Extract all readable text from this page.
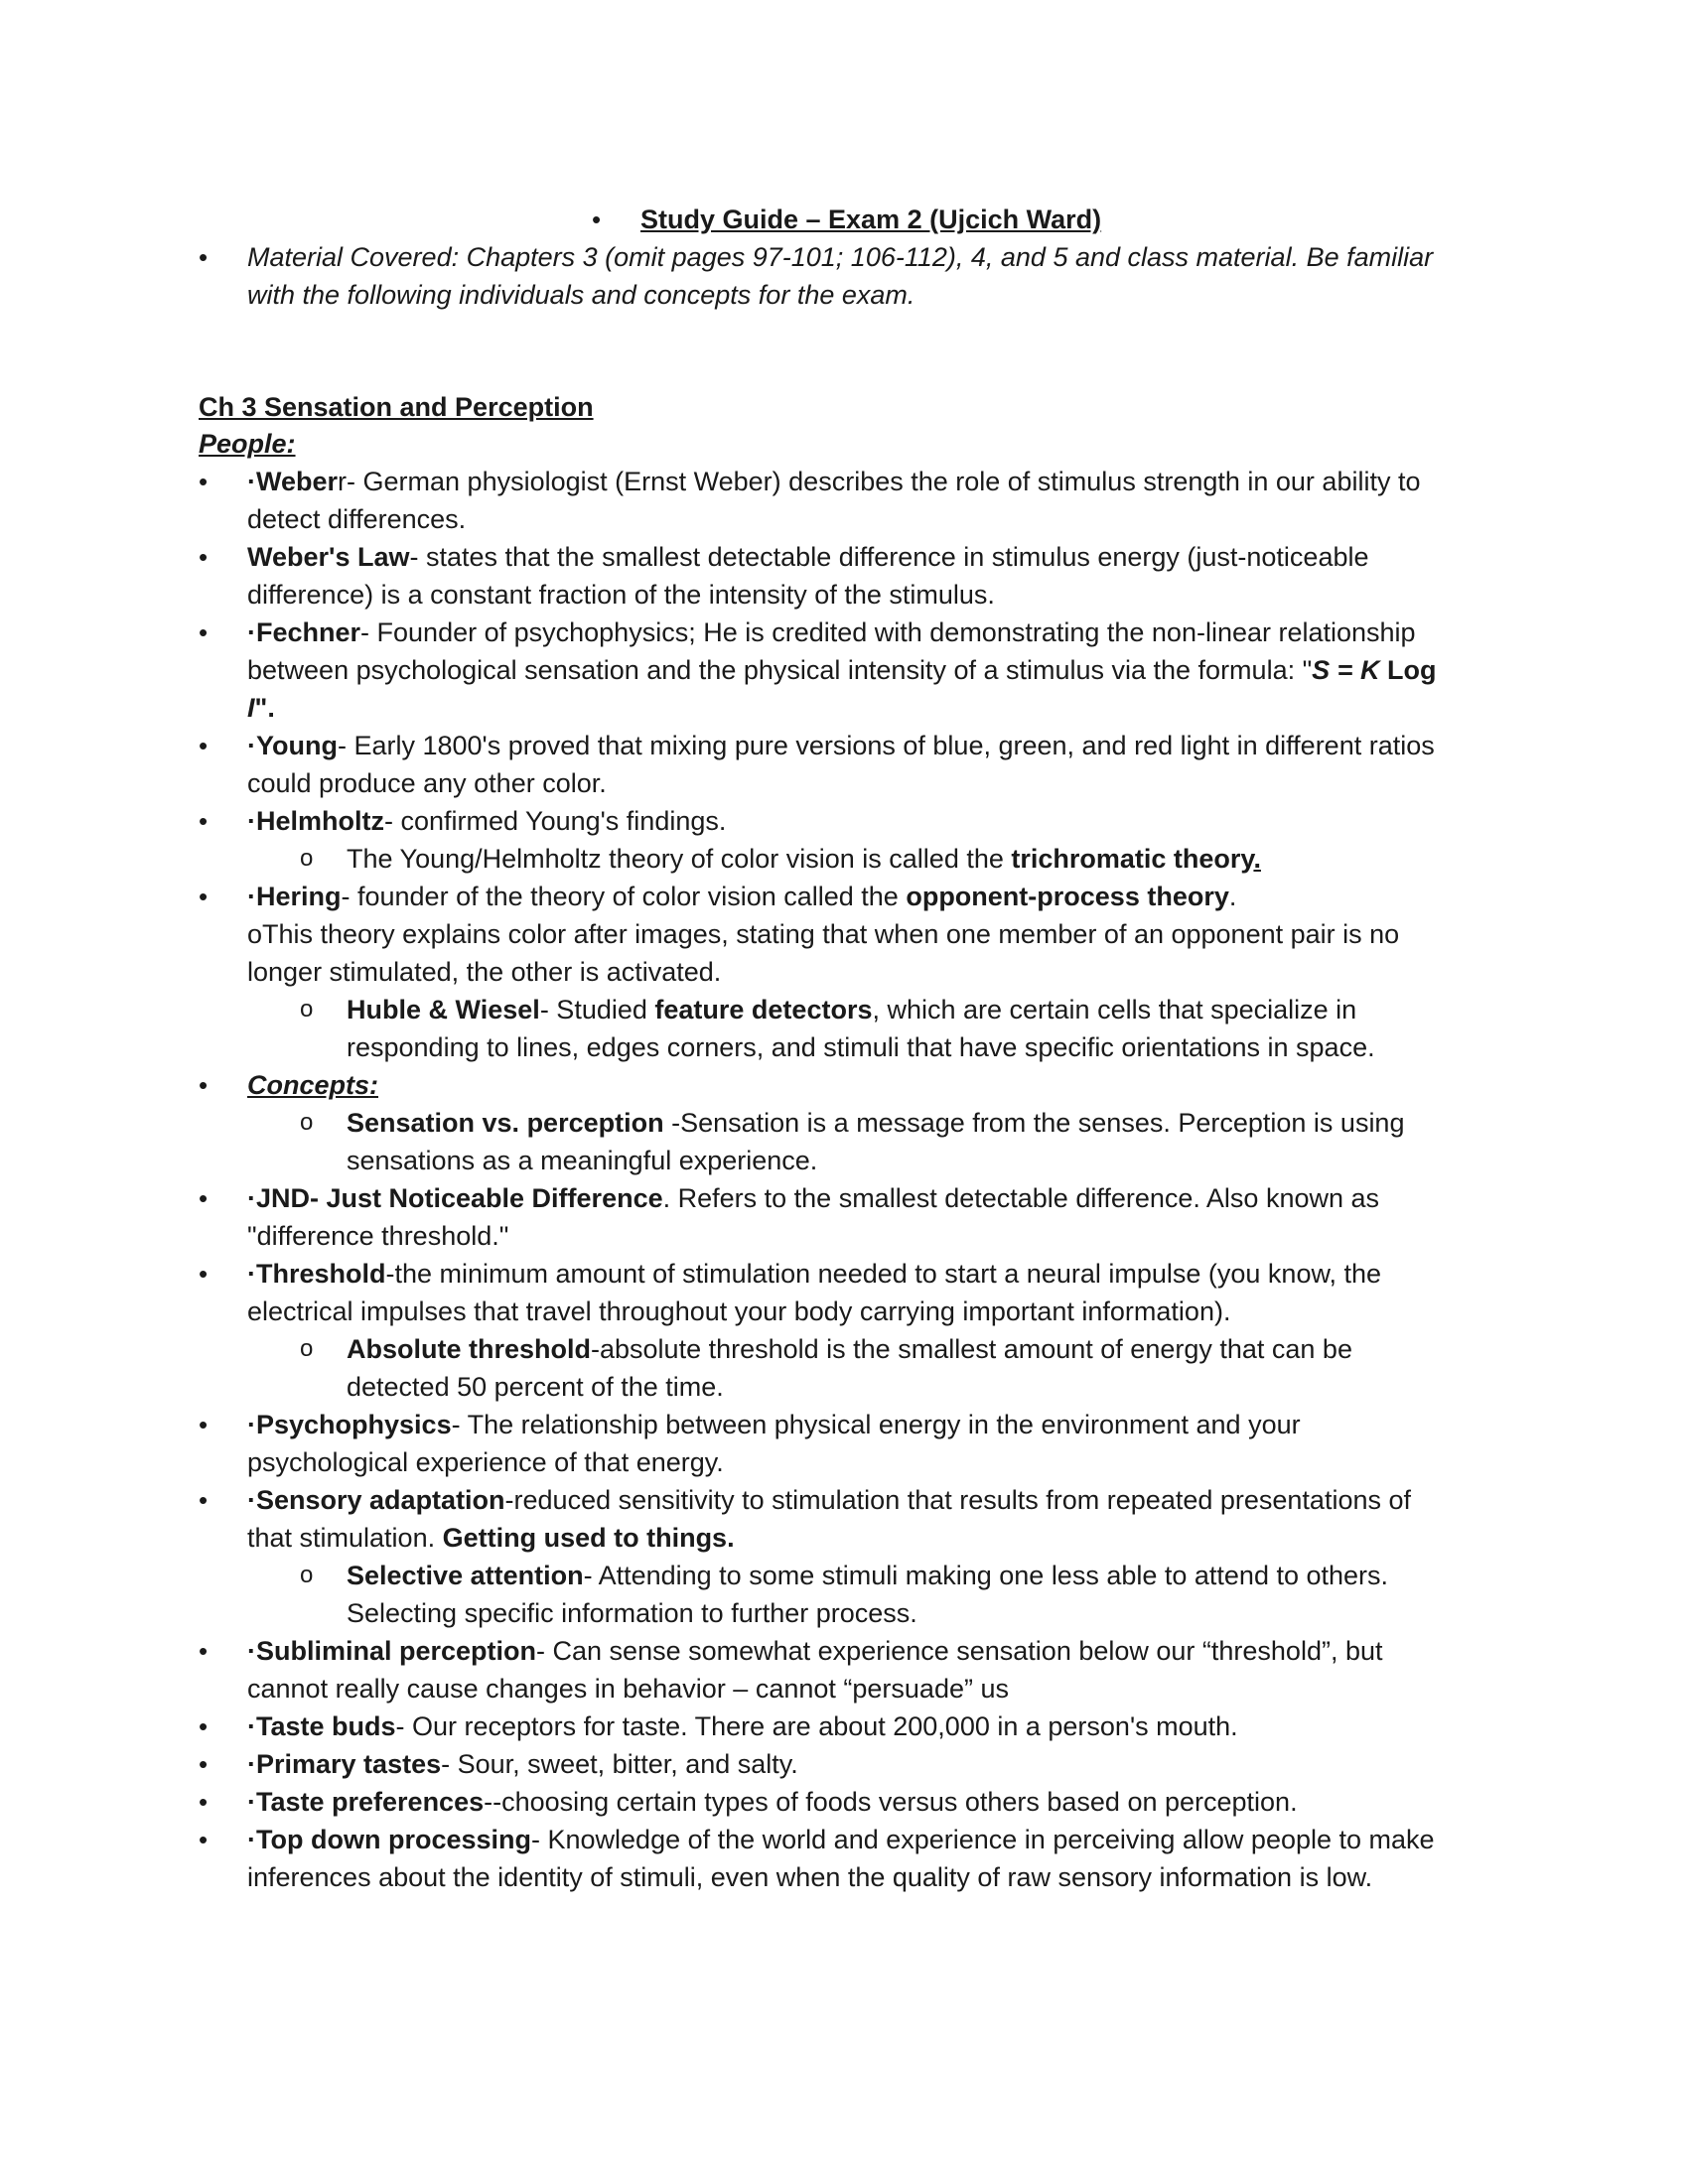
• Study Guide – Exam 2 (Ujcich Ward)
• Material Covered: Chapters 3 (omit pages 97-101; 106-112), 4, and 5 and class material. Be familiar
with the following individuals and concepts for the exam.
Ch 3 Sensation and Perception
People:
• ·Weberr- German physiologist (Ernst Weber) describes the role of stimulus strength in our ability to
detect differences.
• Weber's Law- states that the smallest detectable difference in stimulus energy (just-noticeable
difference) is a constant fraction of the intensity of the stimulus.
• ·Fechner- Founder of psychophysics; He is credited with demonstrating the non-linear relationship
between psychological sensation and the physical intensity of a stimulus via the formula: "S = K Log
I".
• ·Young- Early 1800's proved that mixing pure versions of blue, green, and red light in different ratios
could produce any other color.
• ·Helmholtz- confirmed Young's findings.
o The Young/Helmholtz theory of color vision is called the trichromatic theory.
• ·Hering- founder of the theory of color vision called the opponent-process theory.
oThis theory explains color after images, stating that when one member of an opponent pair is no
longer stimulated, the other is activated.
o Huble & Wiesel- Studied feature detectors, which are certain cells that specialize in
responding to lines, edges corners, and stimuli that have specific orientations in space.
• Concepts:
o Sensation vs. perception -Sensation is a message from the senses. Perception is using
sensations as a meaningful experience.
• ·JND- Just Noticeable Difference. Refers to the smallest detectable difference. Also known as
"difference threshold."
• ·Threshold-the minimum amount of stimulation needed to start a neural impulse (you know, the
electrical impulses that travel throughout your body carrying important information).
o Absolute threshold-absolute threshold is the smallest amount of energy that can be
detected 50 percent of the time.
• ·Psychophysics- The relationship between physical energy in the environment and your
psychological experience of that energy.
• ·Sensory adaptation-reduced sensitivity to stimulation that results from repeated presentations of
that stimulation. Getting used to things.
o Selective attention- Attending to some stimuli making one less able to attend to others.
Selecting specific information to further process.
• ·Subliminal perception- Can sense somewhat experience sensation below our “threshold”, but
cannot really cause changes in behavior – cannot “persuade” us
• ·Taste buds- Our receptors for taste. There are about 200,000 in a person's mouth.
• ·Primary tastes- Sour, sweet, bitter, and salty.
• ·Taste preferences--choosing certain types of foods versus others based on perception.
• ·Top down processing- Knowledge of the world and experience in perceiving allow people to make
inferences about the identity of stimuli, even when the quality of raw sensory information is low.
